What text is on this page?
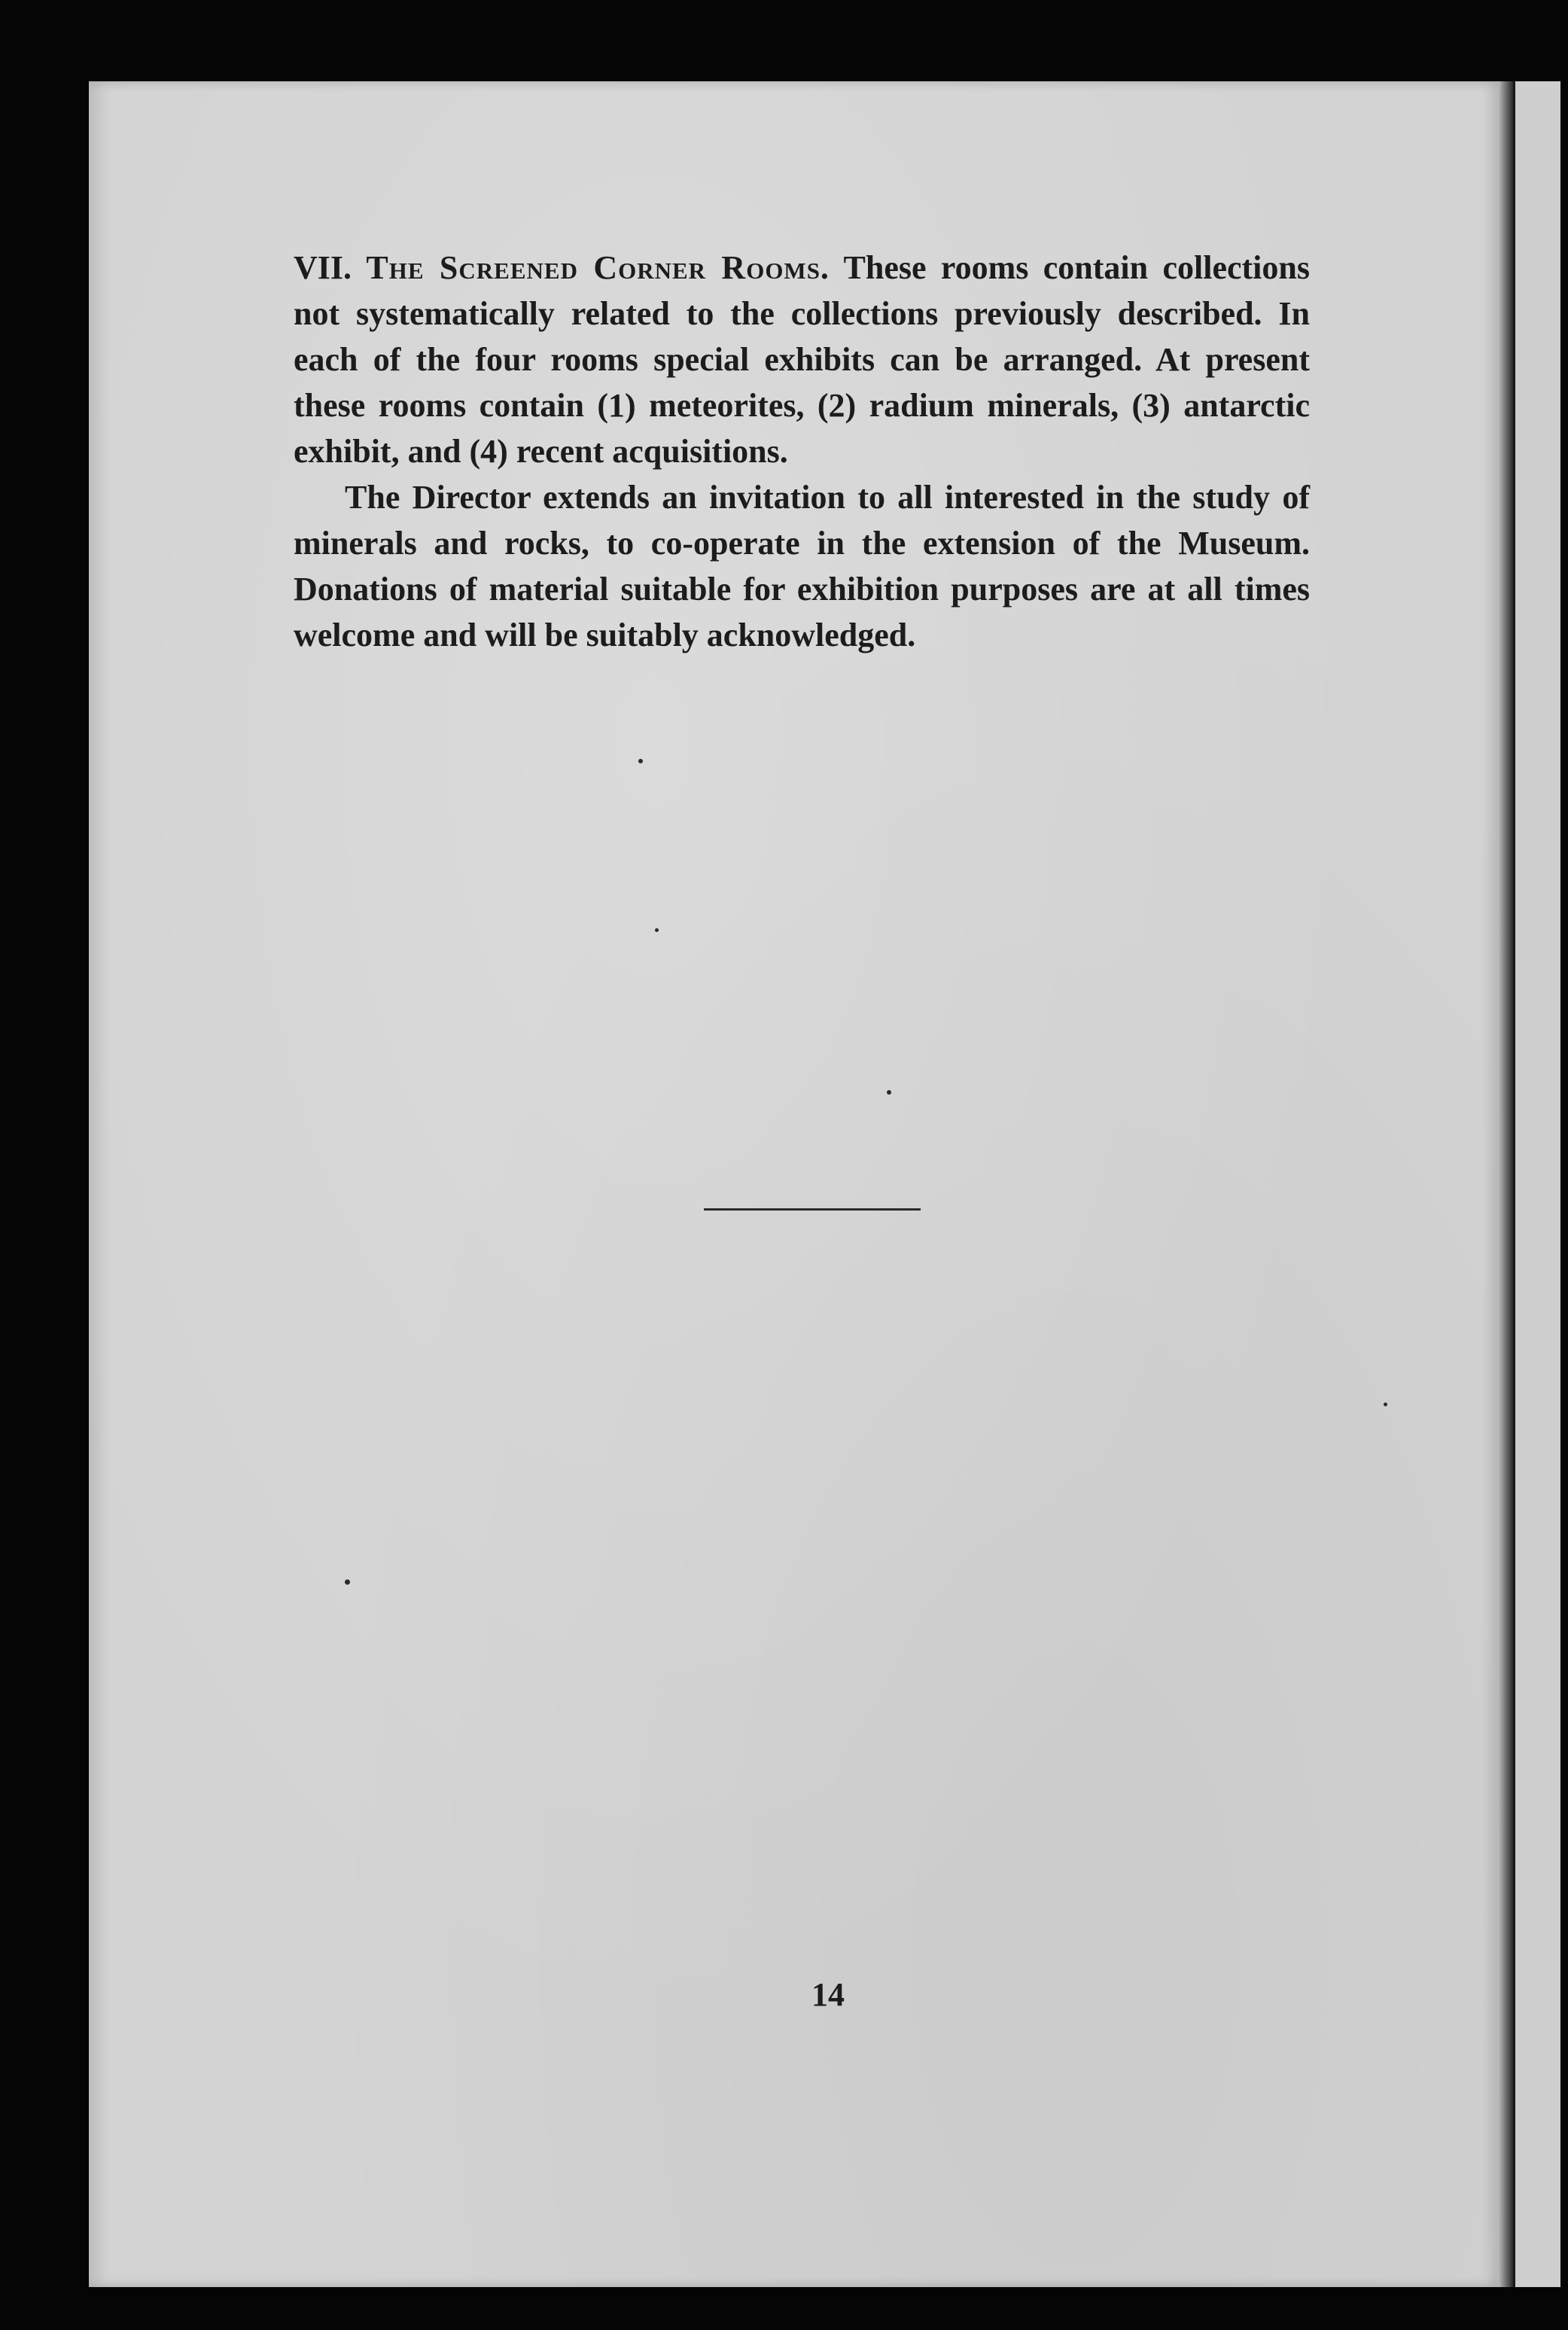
VII. The Screened Corner Rooms. These rooms contain collections not systematically related to the collections previously described. In each of the four rooms special exhibits can be arranged. At present these rooms contain (1) meteorites, (2) radium minerals, (3) antarctic exhibit, and (4) recent acquisitions.

The Director extends an invitation to all interested in the study of minerals and rocks, to co-operate in the extension of the Museum. Donations of material suitable for exhibition purposes are at all times welcome and will be suitably acknowledged.

14
